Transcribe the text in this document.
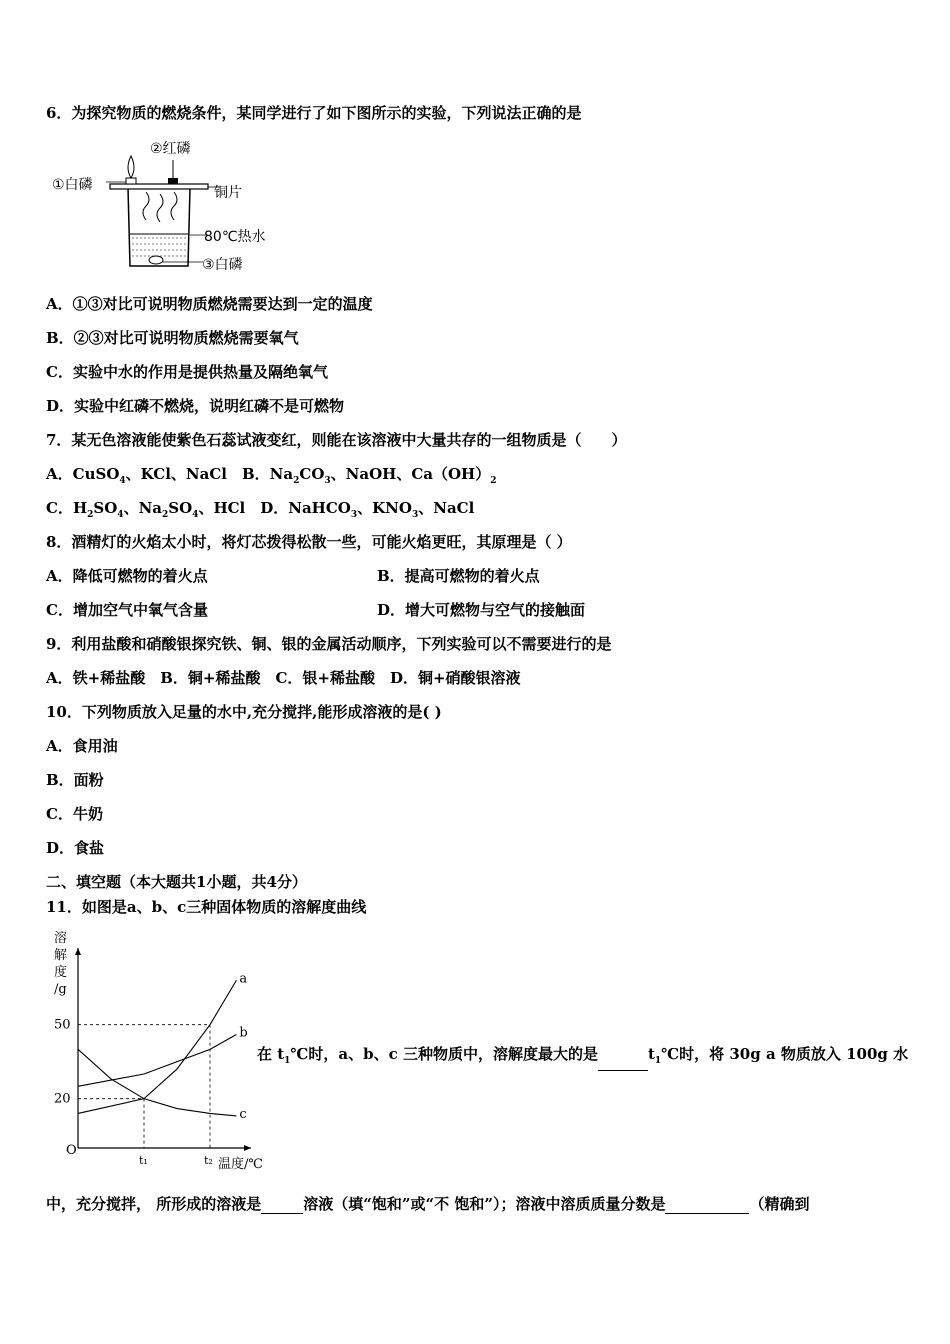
6．为探究物质的燃烧条件，某同学进行了如下图所示的实验，下列说法正确的是
②红磷
①白磷	铜片
80℃热水
③白磷
A．①③对比可说明物质燃烧需要达到一定的温度
B．②③对比可说明物质燃烧需要氧气
C．实验中水的作用是提供热量及隔绝氧气
D．实验中红磷不燃烧，说明红磷不是可燃物
7．某无色溶液能使紫色石蕊试液变红，则能在该溶液中大量共存的一组物质是（　　）
A．CuSO$_4$、KCl、NaCl　B．$Na_2CO_3$、NaOH、$Ca(OH)_2$
C．$H_2SO_4$、$Na_2SO_4$、HCl　D．NaHCO$_3$、$KNO_3$、NaCl
8．酒精灯的火焰太小时，将灯芯拨得松散一些，可能火焰更旺，其原理是（ ）
A．降低可燃物的着火点	B．提高可燃物的着火点
C．增加空气中氧气含量	D．增大可燃物与空气的接触面
9．利用盐酸和硝酸银探究铁、铜、银的金属活动顺序，下列实验可以不需要进行的是
A．铁+稀盐酸　B．铜+稀盐酸　C．银+稀盐酸　D．铜+硝酸银溶液
10．下列物质放入足量的水中,充分搅拌,能形成溶液的是( )
A．食用油
B．面粉
C．牛奶
D．食盐
二、填空题（本大题共1小题，共4分）
11．如图是a、b、c三种固体物质的溶解度曲线
溶
解
度
/g
O
20
50
t₁	t₂ 温度/℃
a
b
c
在 $t_1℃$时，a、b、c 三种物质中，溶解度最大的是	$t_1℃$时，将 30g a 物质放入 100g 水
中，充分搅拌， 所形成的溶液是	溶液（填“饱和”或“不 饱和”）；溶液中溶质质量分数是	（精确到
